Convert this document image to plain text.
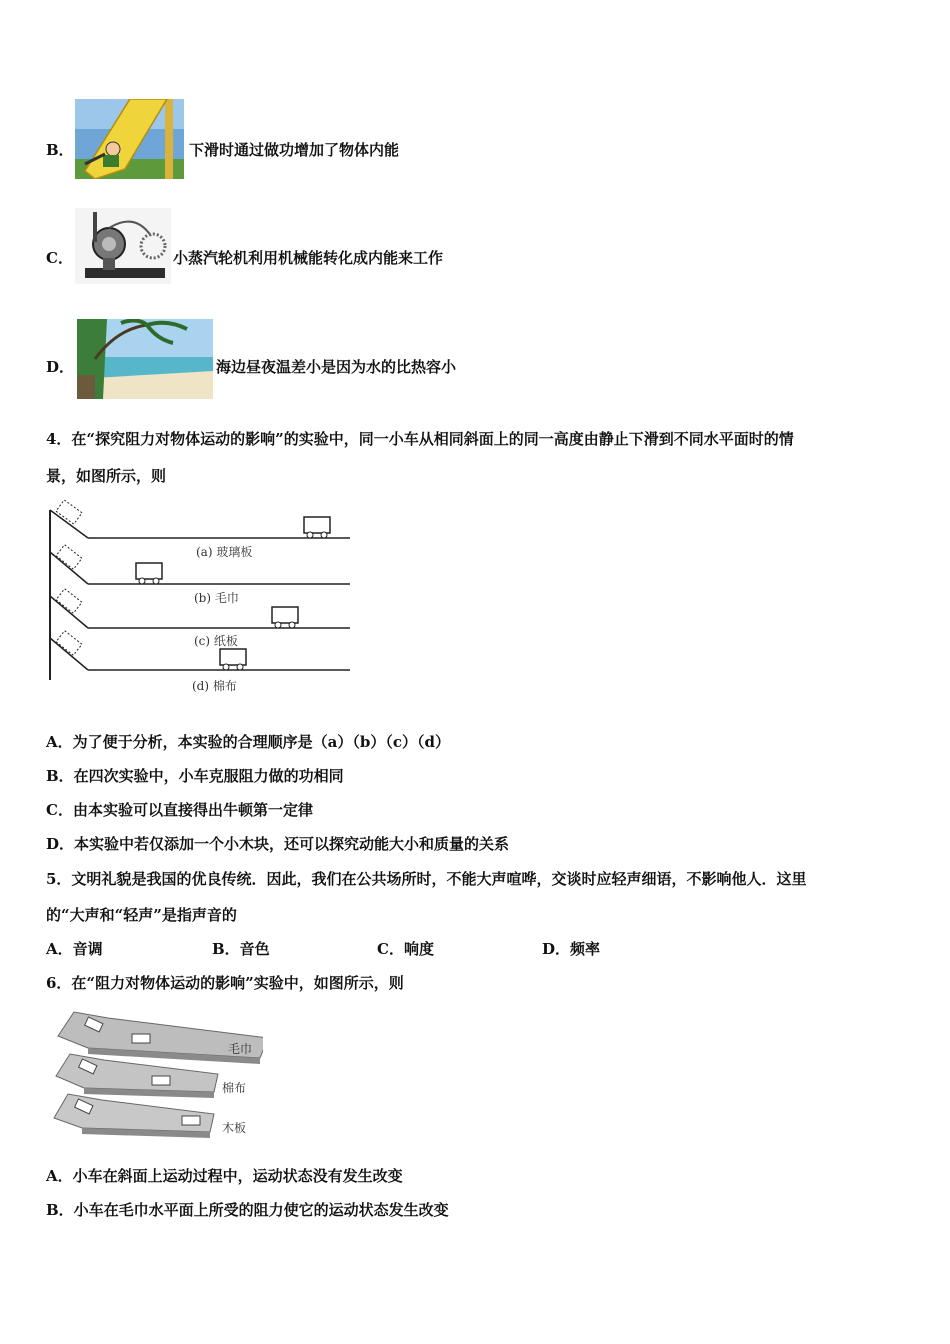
B．	下滑时通过做功增加了物体内能
C．	小蒸汽轮机利用机械能转化成内能来工作
D．	海边昼夜温差小是因为水的比热容小
4．在“探究阻力对物体运动的影响”的实验中，同一小车从相同斜面上的同一高度由静止下滑到不同水平面时的情
景，如图所示，则
(a) 玻璃板
(b) 毛巾
(c) 纸板
(d) 棉布
A．为了便于分析，本实验的合理顺序是（a）（b）（c）（d）
B．在四次实验中，小车克服阻力做的功相同
C．由本实验可以直接得出牛顿第一定律
D．本实验中若仅添加一个小木块，还可以探究动能大小和质量的关系
5．文明礼貌是我国的优良传统．因此，我们在公共场所时，不能大声喧哗，交谈时应轻声细语，不影响他人．这里
的“大声和“轻声”是指声音的
A．音调	B．音色	C．响度	D．频率
6．在“阻力对物体运动的影响”实验中，如图所示，则
毛巾
棉布
木板
A．小车在斜面上运动过程中，运动状态没有发生改变
B．小车在毛巾水平面上所受的阻力使它的运动状态发生改变
